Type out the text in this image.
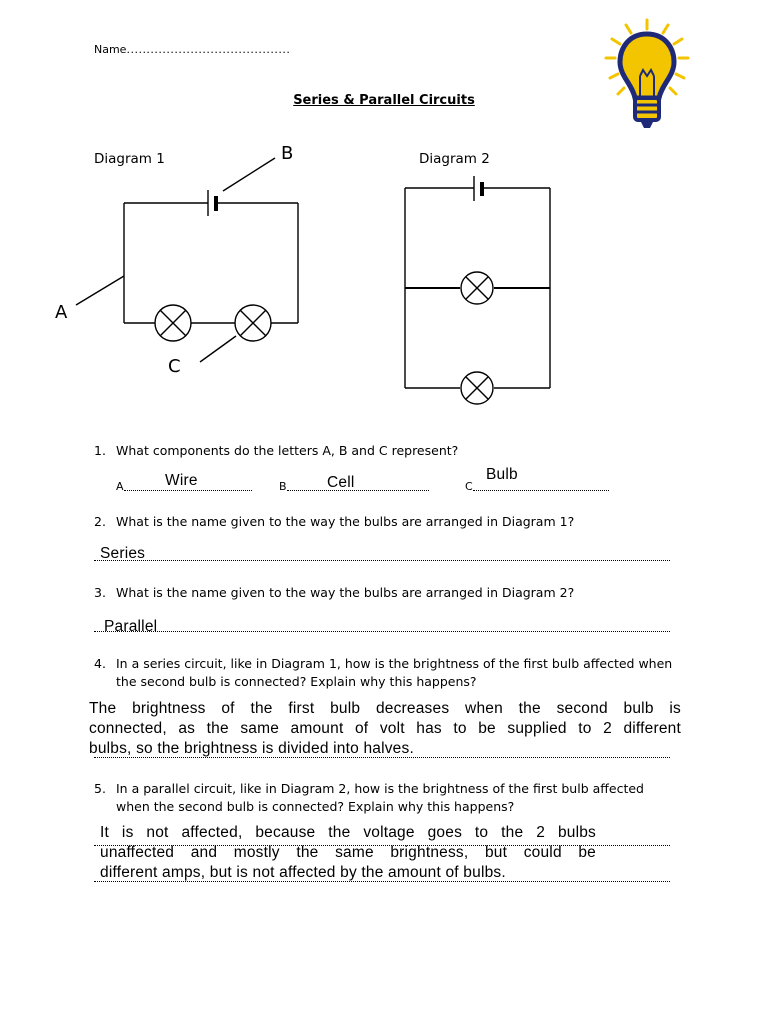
Name.........................................
Series & Parallel Circuits
Diagram 1	B
A
C
Diagram 2
1. What components do the letters A, B and C represent?
A	Wire	B	Cell	C
Bulb
2. What is the name given to the way the bulbs are arranged in Diagram 1?
Series
3. What is the name given to the way the bulbs are arranged in Diagram 2?
Parallel
4. In a series circuit, like in Diagram 1, how is the brightness of the first bulb affected when
the second bulb is connected? Explain why this happens?
The brightness of the first bulb decreases when the second bulb is
connected, as the same amount of volt has to be supplied to 2 different
bulbs, so the brightness is divided into halves.
5. In a parallel circuit, like in Diagram 2, how is the brightness of the first bulb affected
when the second bulb is connected? Explain why this happens?
It is not affected, because the voltage goes to the 2 bulbs
unaffected and mostly the same brightness, but could be
different amps, but is not affected by the amount of bulbs.
